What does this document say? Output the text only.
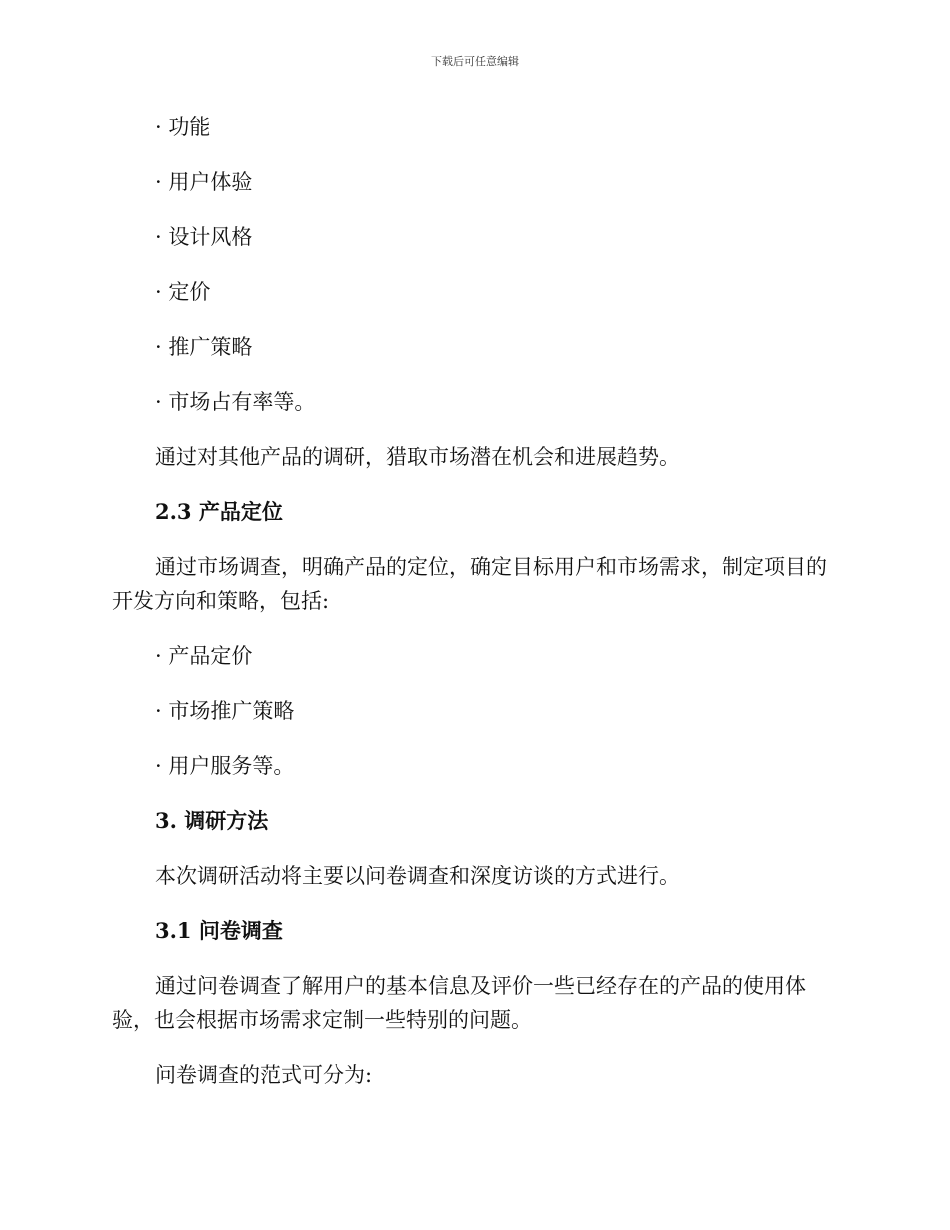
下载后可任意编辑

· 功能

· 用户体验

· 设计风格

· 定价

· 推广策略

· 市场占有率等。

通过对其他产品的调研，猎取市场潜在机会和进展趋势。

2.3 产品定位

通过市场调查，明确产品的定位，确定目标用户和市场需求，制定项目的开发方向和策略，包括:

· 产品定价

· 市场推广策略

· 用户服务等。

3. 调研方法

本次调研活动将主要以问卷调查和深度访谈的方式进行。

3.1 问卷调查

通过问卷调查了解用户的基本信息及评价一些已经存在的产品的使用体验，也会根据市场需求定制一些特别的问题。

问卷调查的范式可分为:
